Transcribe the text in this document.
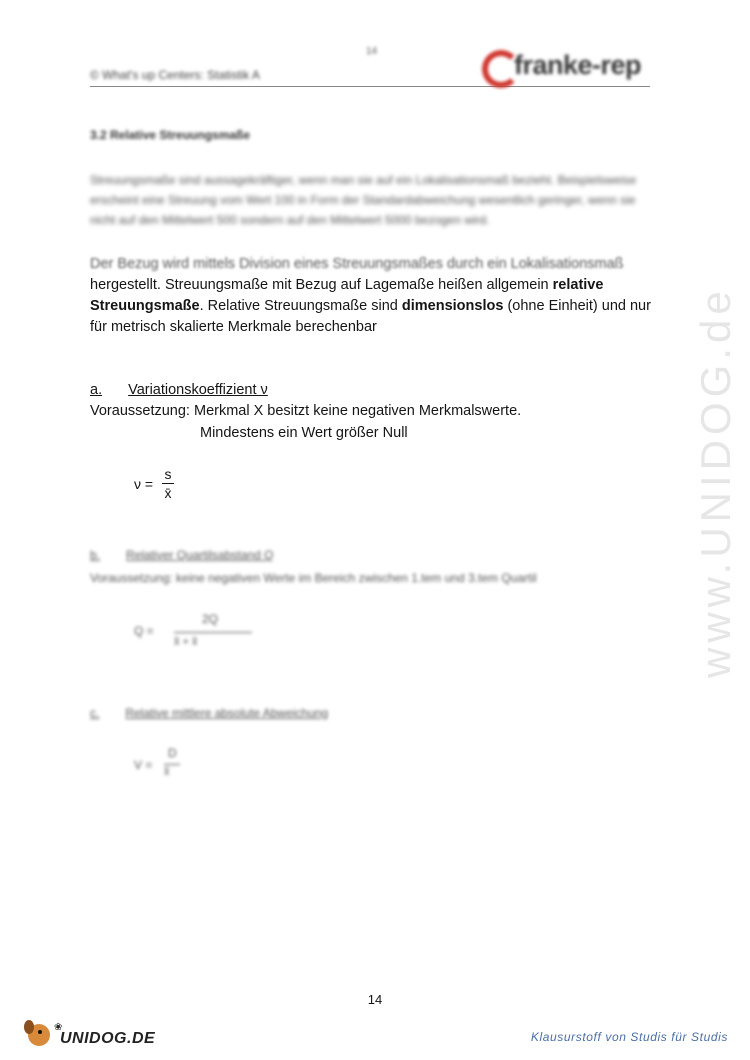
14
© What's up Centers: Statistik A	franke-rep
3.2 Relative Streuungsmaße
Streuungsmaße sind aussagekräftiger, wenn man sie auf ein Lokalisationsmaß bezieht. Beispielsweise erscheint eine Streuung vom Wert 100 in Form der Standardabweichung wesentlich geringer, wenn sie nicht auf den Mittelwert 500 sondern auf den Mittelwert 5000 bezogen wird.
Der Bezug wird mittels Division eines Streuungsmaßes durch ein Lokalisationsmaß
hergestellt. Streuungsmaße mit Bezug auf Lagemaße heißen allgemein relative Streuungsmaße. Relative Streuungsmaße sind dimensionslos (ohne Einheit) und nur für metrisch skalierte Merkmale berechenbar
a. Variationskoeffizient ν
Voraussetzung: Merkmal X besitzt keine negativen Merkmalswerte.
Mindestens ein Wert größer Null
ν =
s
x̄
b. Relativer Quartilsabstand Q
Voraussetzung: keine negativen Werte im Bereich zwischen 1.tem und 3.tem Quartil
Q =
2Q
x̃ + x̃
c. Relative mittlere absolute Abweichung
V =
D
x̃
www.UNIDOG.de
14
❀
UNIDOG.DE	Klausurstoff von Studis für Studis
